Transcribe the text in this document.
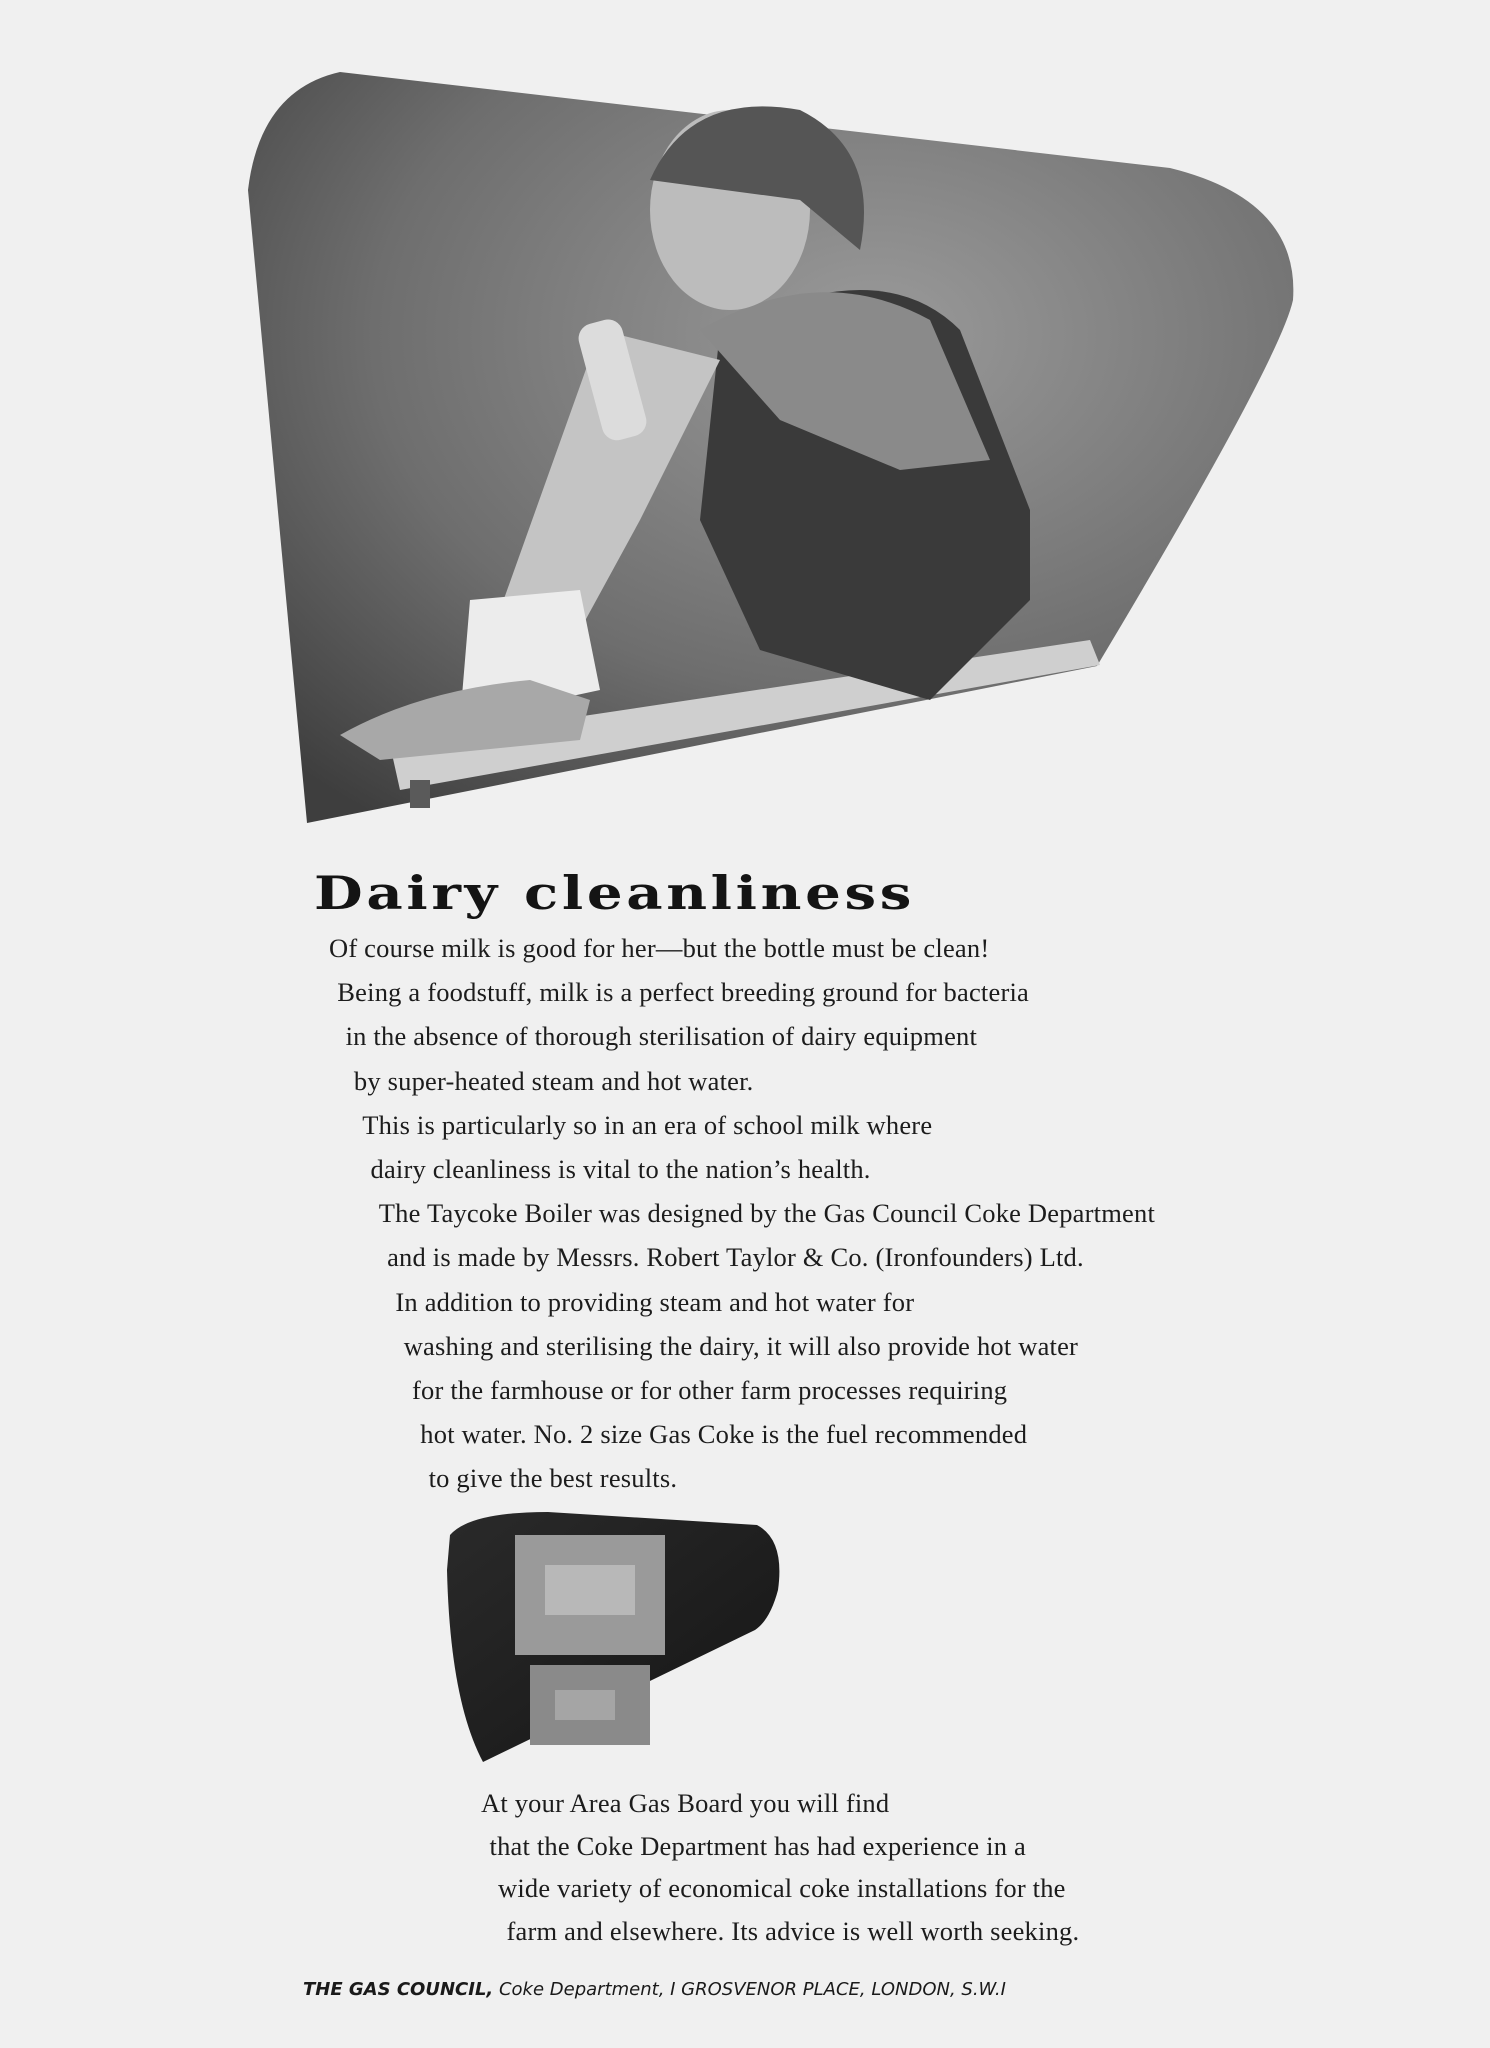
Dairy cleanliness
Of course milk is good for her—but the bottle must be clean!
Being a foodstuff, milk is a perfect breeding ground for bacteria
in the absence of thorough sterilisation of dairy equipment
by super-heated steam and hot water.
This is particularly so in an era of school milk where
dairy cleanliness is vital to the nation’s health.
The Taycoke Boiler was designed by the Gas Council Coke Department
and is made by Messrs. Robert Taylor & Co. (Ironfounders) Ltd.
In addition to providing steam and hot water for
washing and sterilising the dairy, it will also provide hot water
for the farmhouse or for other farm processes requiring
hot water. No. 2 size Gas Coke is the fuel recommended
to give the best results.
At your Area Gas Board you will find
that the Coke Department has had experience in a
wide variety of economical coke installations for the
farm and elsewhere. Its advice is well worth seeking.
THE GAS COUNCIL, Coke Department, I GROSVENOR PLACE, LONDON, S.W.I
